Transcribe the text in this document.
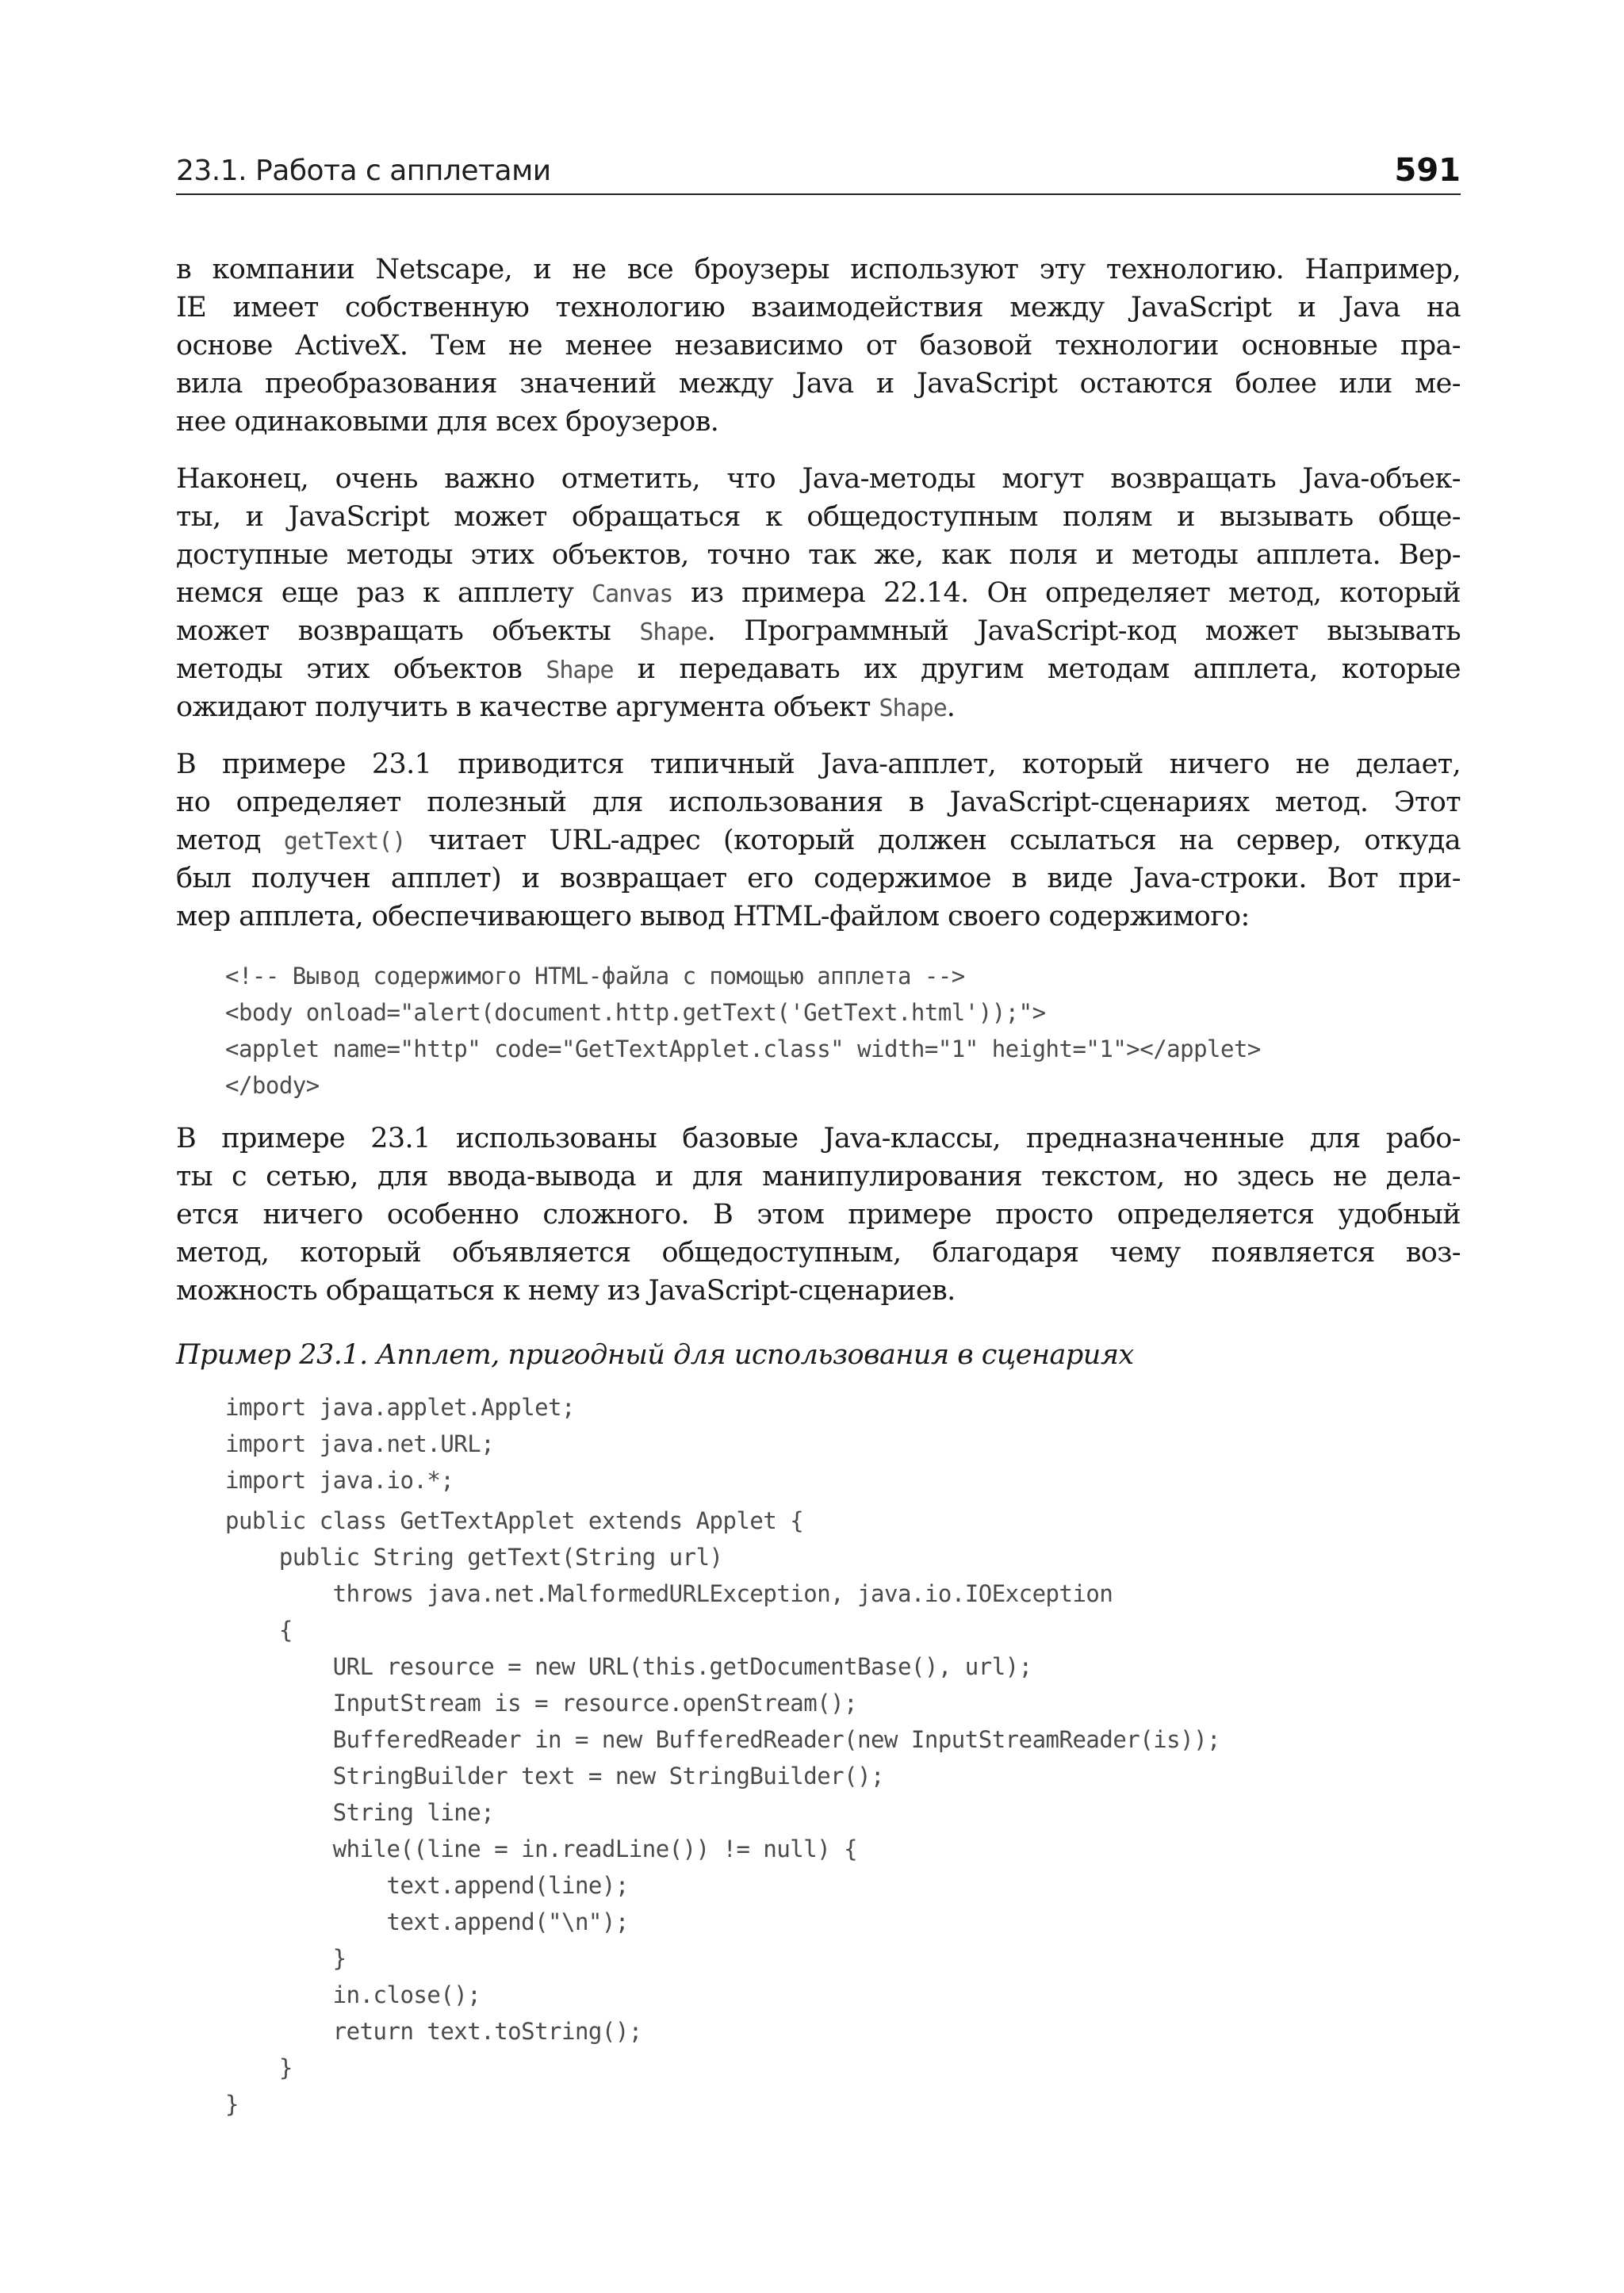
23.1. Работа с апплетами	591
в компании Netscape, и не все броузеры используют эту технологию. Например,
IE имеет собственную технологию взаимодействия между JavaScript и Java на
основе ActiveX. Тем не менее независимо от базовой технологии основные пра-
вила преобразования значений между Java и JavaScript остаются более или ме-
нее одинаковыми для всех броузеров.
Наконец, очень важно отметить, что Java-методы могут возвращать Java-объек-
ты, и JavaScript может обращаться к общедоступным полям и вызывать обще-
доступные методы этих объектов, точно так же, как поля и методы апплета. Вер-
немся еще раз к апплету Canvas из примера 22.14. Он определяет метод, который
может возвращать объекты Shape. Программный JavaScript-код может вызывать
методы этих объектов Shape и передавать их другим методам апплета, которые
ожидают получить в качестве аргумента объект Shape.
В примере 23.1 приводится типичный Java-апплет, который ничего не делает,
но определяет полезный для использования в JavaScript-сценариях метод. Этот
метод getText() читает URL-адрес (который должен ссылаться на сервер, откуда
был получен апплет) и возвращает его содержимое в виде Java-строки. Вот при-
мер апплета, обеспечивающего вывод HTML-файлом своего содержимого:
<!-- Вывод содержимого HTML-файла с помощью апплета -->
<body onload="alert(document.http.getText('GetText.html'));">
<applet name="http" code="GetTextApplet.class" width="1" height="1"></applet>
</body>
В примере 23.1 использованы базовые Java-классы, предназначенные для рабо-
ты с сетью, для ввода-вывода и для манипулирования текстом, но здесь не дела-
ется ничего особенно сложного. В этом примере просто определяется удобный
метод, который объявляется общедоступным, благодаря чему появляется воз-
можность обращаться к нему из JavaScript-сценариев.
Пример 23.1. Апплет, пригодный для использования в сценариях
import java.applet.Applet;
import java.net.URL;
import java.io.*;
public class GetTextApplet extends Applet {
public String getText(String url)
throws java.net.MalformedURLException, java.io.IOException
{
URL resource = new URL(this.getDocumentBase(), url);
InputStream is = resource.openStream();
BufferedReader in = new BufferedReader(new InputStreamReader(is));
StringBuilder text = new StringBuilder();
String line;
while((line = in.readLine()) != null) {
text.append(line);
text.append("\n");
}
in.close();
return text.toString();
}
}
